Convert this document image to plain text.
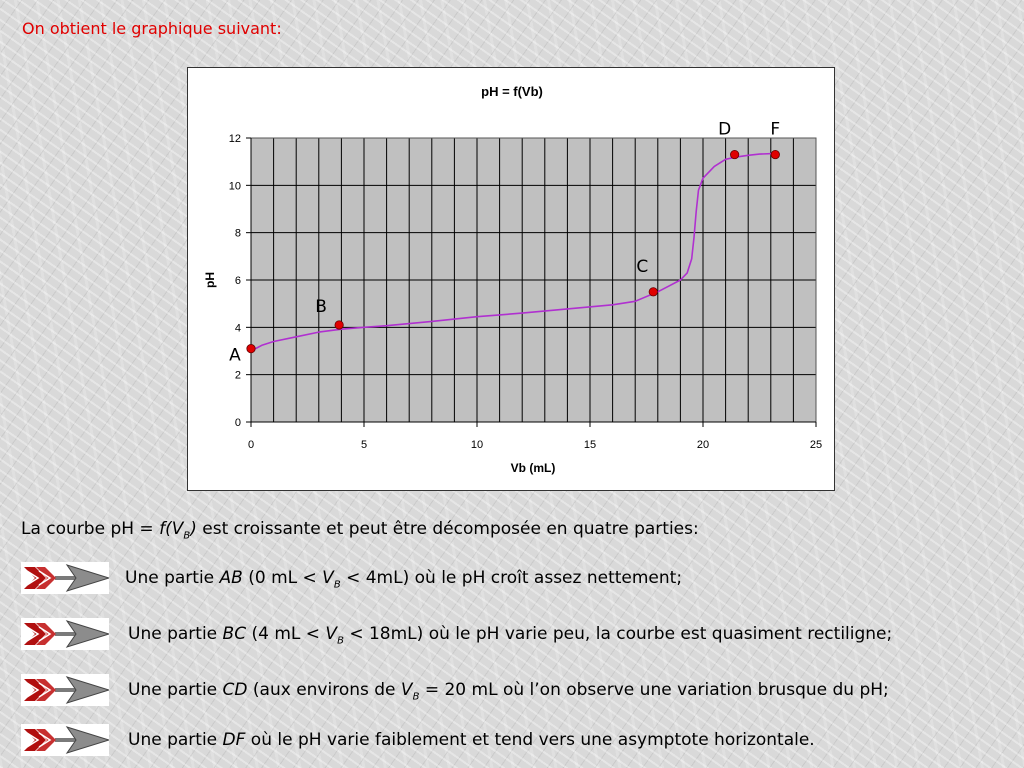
On obtient le graphique suivant:
pH = f(Vb)
0
2
4
6
8
10
12
0	5	10	15	20	25
A
B
C
D F
Vb (mL)
pH
La courbe pH = $f(V_B)$ est croissante et peut être décomposée en quatre parties:
Une partie AB (0 mL < $V_B < 4mL$) où le pH croît assez nettement;
Une partie BC (4 mL < $V_B < 18mL$) où le pH varie peu, la courbe est quasiment rectiligne;
Une partie CD (aux environs de $V_B = 20$ mL où l’on observe une variation brusque du pH;
Une partie DF où le pH varie faiblement et tend vers une asymptote horizontale.
